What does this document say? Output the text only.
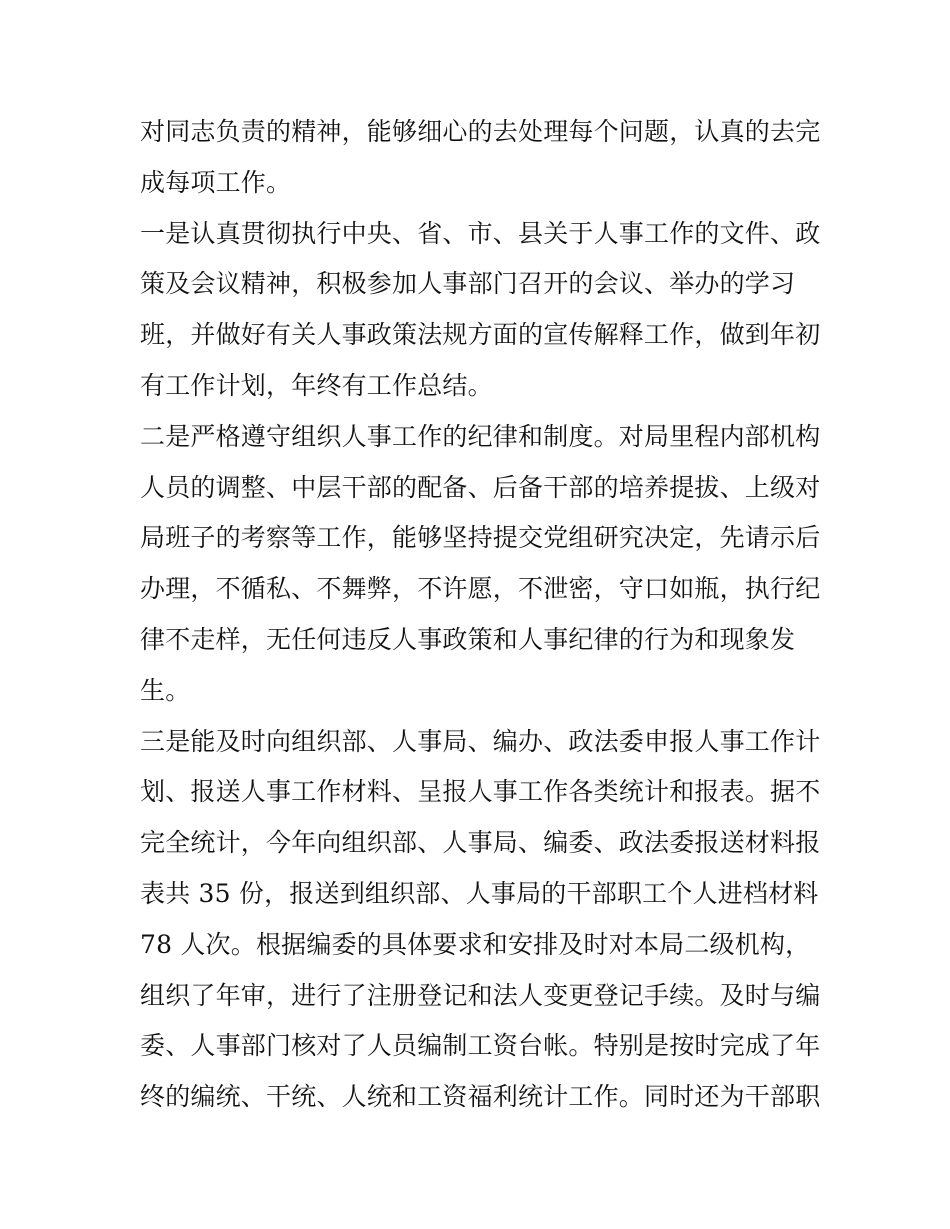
对同志负责的精神，能够细心的去处理每个问题，认真的去完
成每项工作。
一是认真贯彻执行中央、省、市、县关于人事工作的文件、政
策及会议精神，积极参加人事部门召开的会议、举办的学习
班，并做好有关人事政策法规方面的宣传解释工作，做到年初
有工作计划，年终有工作总结。
二是严格遵守组织人事工作的纪律和制度。对局里程内部机构
人员的调整、中层干部的配备、后备干部的培养提拔、上级对
局班子的考察等工作，能够坚持提交党组研究决定，先请示后
办理，不循私、不舞弊，不许愿，不泄密，守口如瓶，执行纪
律不走样，无任何违反人事政策和人事纪律的行为和现象发
生。
三是能及时向组织部、人事局、编办、政法委申报人事工作计
划、报送人事工作材料、呈报人事工作各类统计和报表。据不
完全统计，今年向组织部、人事局、编委、政法委报送材料报
表共 35 份，报送到组织部、人事局的干部职工个人进档材料
78 人次。根据编委的具体要求和安排及时对本局二级机构，
组织了年审，进行了注册登记和法人变更登记手续。及时与编
委、人事部门核对了人员编制工资台帐。特别是按时完成了年
终的编统、干统、人统和工资福利统计工作。同时还为干部职
